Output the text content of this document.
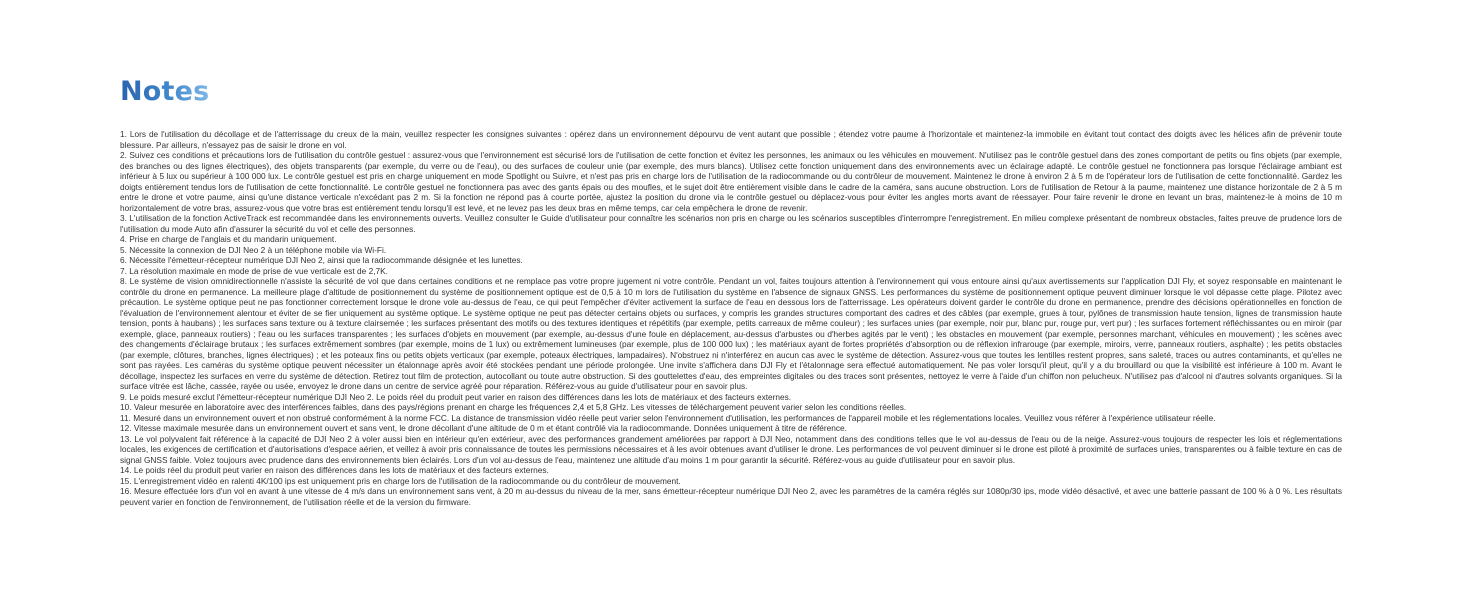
Notes
1. Lors de l'utilisation du décollage et de l'atterrissage du creux de la main, veuillez respecter les consignes suivantes : opérez dans un environnement dépourvu de vent autant que possible ; étendez votre paume à l'horizontale et maintenez-la immobile en évitant tout contact des doigts avec les hélices afin de prévenir toute blessure. Par ailleurs, n'essayez pas de saisir le drone en vol.
2. Suivez ces conditions et précautions lors de l'utilisation du contrôle gestuel : assurez-vous que l'environnement est sécurisé lors de l'utilisation de cette fonction et évitez les personnes, les animaux ou les véhicules en mouvement. N'utilisez pas le contrôle gestuel dans des zones comportant de petits ou fins objets (par exemple, des branches ou des lignes électriques), des objets transparents (par exemple, du verre ou de l'eau), ou des surfaces de couleur unie (par exemple, des murs blancs). Utilisez cette fonction uniquement dans des environnements avec un éclairage adapté. Le contrôle gestuel ne fonctionnera pas lorsque l'éclairage ambiant est inférieur à 5 lux ou supérieur à 100 000 lux. Le contrôle gestuel est pris en charge uniquement en mode Spotlight ou Suivre, et n'est pas pris en charge lors de l'utilisation de la radiocommande ou du contrôleur de mouvement. Maintenez le drone à environ 2 à 5 m de l'opérateur lors de l'utilisation de cette fonctionnalité. Gardez les doigts entièrement tendus lors de l'utilisation de cette fonctionnalité. Le contrôle gestuel ne fonctionnera pas avec des gants épais ou des moufles, et le sujet doit être entièrement visible dans le cadre de la caméra, sans aucune obstruction. Lors de l'utilisation de Retour à la paume, maintenez une distance horizontale de 2 à 5 m entre le drone et votre paume, ainsi qu'une distance verticale n'excédant pas 2 m. Si la fonction ne répond pas à courte portée, ajustez la position du drone via le contrôle gestuel ou déplacez-vous pour éviter les angles morts avant de réessayer. Pour faire revenir le drone en levant un bras, maintenez-le à moins de 10 m horizontalement de votre bras, assurez-vous que votre bras est entièrement tendu lorsqu'il est levé, et ne levez pas les deux bras en même temps, car cela empêchera le drone de revenir.
3. L'utilisation de la fonction ActiveTrack est recommandée dans les environnements ouverts. Veuillez consulter le Guide d'utilisateur pour connaître les scénarios non pris en charge ou les scénarios susceptibles d'interrompre l'enregistrement. En milieu complexe présentant de nombreux obstacles, faites preuve de prudence lors de l'utilisation du mode Auto afin d'assurer la sécurité du vol et celle des personnes.
4. Prise en charge de l'anglais et du mandarin uniquement.
5. Nécessite la connexion de DJI Neo 2 à un téléphone mobile via Wi-Fi.
6. Nécessite l'émetteur-récepteur numérique DJI Neo 2, ainsi que la radiocommande désignée et les lunettes.
7. La résolution maximale en mode de prise de vue verticale est de 2,7K.
8. Le système de vision omnidirectionnelle n'assiste la sécurité de vol que dans certaines conditions et ne remplace pas votre propre jugement ni votre contrôle. Pendant un vol, faites toujours attention à l'environnement qui vous entoure ainsi qu'aux avertissements sur l'application DJI Fly, et soyez responsable en maintenant le contrôle du drone en permanence. La meilleure plage d'altitude de positionnement du système de positionnement optique est de 0,5 à 10 m lors de l'utilisation du système en l'absence de signaux GNSS. Les performances du système de positionnement optique peuvent diminuer lorsque le vol dépasse cette plage. Pilotez avec précaution. Le système optique peut ne pas fonctionner correctement lorsque le drone vole au-dessus de l'eau, ce qui peut l'empêcher d'éviter activement la surface de l'eau en dessous lors de l'atterrissage. Les opérateurs doivent garder le contrôle du drone en permanence, prendre des décisions opérationnelles en fonction de l'évaluation de l'environnement alentour et éviter de se fier uniquement au système optique. Le système optique ne peut pas détecter certains objets ou surfaces, y compris les grandes structures comportant des cadres et des câbles (par exemple, grues à tour, pylônes de transmission haute tension, lignes de transmission haute tension, ponts à haubans) ; les surfaces sans texture ou à texture clairsemée ; les surfaces présentant des motifs ou des textures identiques et répétitifs (par exemple, petits carreaux de même couleur) ; les surfaces unies (par exemple, noir pur, blanc pur, rouge pur, vert pur) ; les surfaces fortement réfléchissantes ou en miroir (par exemple, glace, panneaux routiers) ; l'eau ou les surfaces transparentes ; les surfaces d'objets en mouvement (par exemple, au-dessus d'une foule en déplacement, au-dessus d'arbustes ou d'herbes agités par le vent) ; les obstacles en mouvement (par exemple, personnes marchant, véhicules en mouvement) ; les scènes avec des changements d'éclairage brutaux ; les surfaces extrêmement sombres (par exemple, moins de 1 lux) ou extrêmement lumineuses (par exemple, plus de 100 000 lux) ; les matériaux ayant de fortes propriétés d'absorption ou de réflexion infrarouge (par exemple, miroirs, verre, panneaux routiers, asphalte) ; les petits obstacles (par exemple, clôtures, branches, lignes électriques) ; et les poteaux fins ou petits objets verticaux (par exemple, poteaux électriques, lampadaires). N'obstruez ni n'interférez en aucun cas avec le système de détection. Assurez-vous que toutes les lentilles restent propres, sans saleté, traces ou autres contaminants, et qu'elles ne sont pas rayées. Les caméras du système optique peuvent nécessiter un étalonnage après avoir été stockées pendant une période prolongée. Une invite s'affichera dans DJI Fly et l'étalonnage sera effectué automatiquement. Ne pas voler lorsqu'il pleut, qu'il y a du brouillard ou que la visibilité est inférieure à 100 m. Avant le décollage, inspectez les surfaces en verre du système de détection. Retirez tout film de protection, autocollant ou toute autre obstruction. Si des gouttelettes d'eau, des empreintes digitales ou des traces sont présentes, nettoyez le verre à l'aide d'un chiffon non pelucheux. N'utilisez pas d'alcool ni d'autres solvants organiques. Si la surface vitrée est lâche, cassée, rayée ou usée, envoyez le drone dans un centre de service agréé pour réparation. Référez-vous au guide d'utilisateur pour en savoir plus.
9. Le poids mesuré exclut l'émetteur-récepteur numérique DJI Neo 2. Le poids réel du produit peut varier en raison des différences dans les lots de matériaux et des facteurs externes.
10. Valeur mesurée en laboratoire avec des interférences faibles, dans des pays/régions prenant en charge les fréquences 2,4 et 5,8 GHz. Les vitesses de téléchargement peuvent varier selon les conditions réelles.
11. Mesuré dans un environnement ouvert et non obstrué conformément à la norme FCC. La distance de transmission vidéo réelle peut varier selon l'environnement d'utilisation, les performances de l'appareil mobile et les réglementations locales. Veuillez vous référer à l'expérience utilisateur réelle.
12. Vitesse maximale mesurée dans un environnement ouvert et sans vent, le drone décollant d'une altitude de 0 m et étant contrôlé via la radiocommande. Données uniquement à titre de référence.
13. Le vol polyvalent fait référence à la capacité de DJI Neo 2 à voler aussi bien en intérieur qu'en extérieur, avec des performances grandement améliorées par rapport à DJI Neo, notamment dans des conditions telles que le vol au-dessus de l'eau ou de la neige. Assurez-vous toujours de respecter les lois et réglementations locales, les exigences de certification et d'autorisations d'espace aérien, et veillez à avoir pris connaissance de toutes les permissions nécessaires et à les avoir obtenues avant d'utiliser le drone. Les performances de vol peuvent diminuer si le drone est piloté à proximité de surfaces unies, transparentes ou à faible texture en cas de signal GNSS faible. Volez toujours avec prudence dans des environnements bien éclairés. Lors d'un vol au-dessus de l'eau, maintenez une altitude d'au moins 1 m pour garantir la sécurité. Référez-vous au guide d'utilisateur pour en savoir plus.
14. Le poids réel du produit peut varier en raison des différences dans les lots de matériaux et des facteurs externes.
15. L'enregistrement vidéo en ralenti 4K/100 ips est uniquement pris en charge lors de l'utilisation de la radiocommande ou du contrôleur de mouvement.
16. Mesure effectuée lors d'un vol en avant à une vitesse de 4 m/s dans un environnement sans vent, à 20 m au-dessus du niveau de la mer, sans émetteur-récepteur numérique DJI Neo 2, avec les paramètres de la caméra réglés sur 1080p/30 ips, mode vidéo désactivé, et avec une batterie passant de 100 % à 0 %. Les résultats peuvent varier en fonction de l'environnement, de l'utilisation réelle et de la version du firmware.
